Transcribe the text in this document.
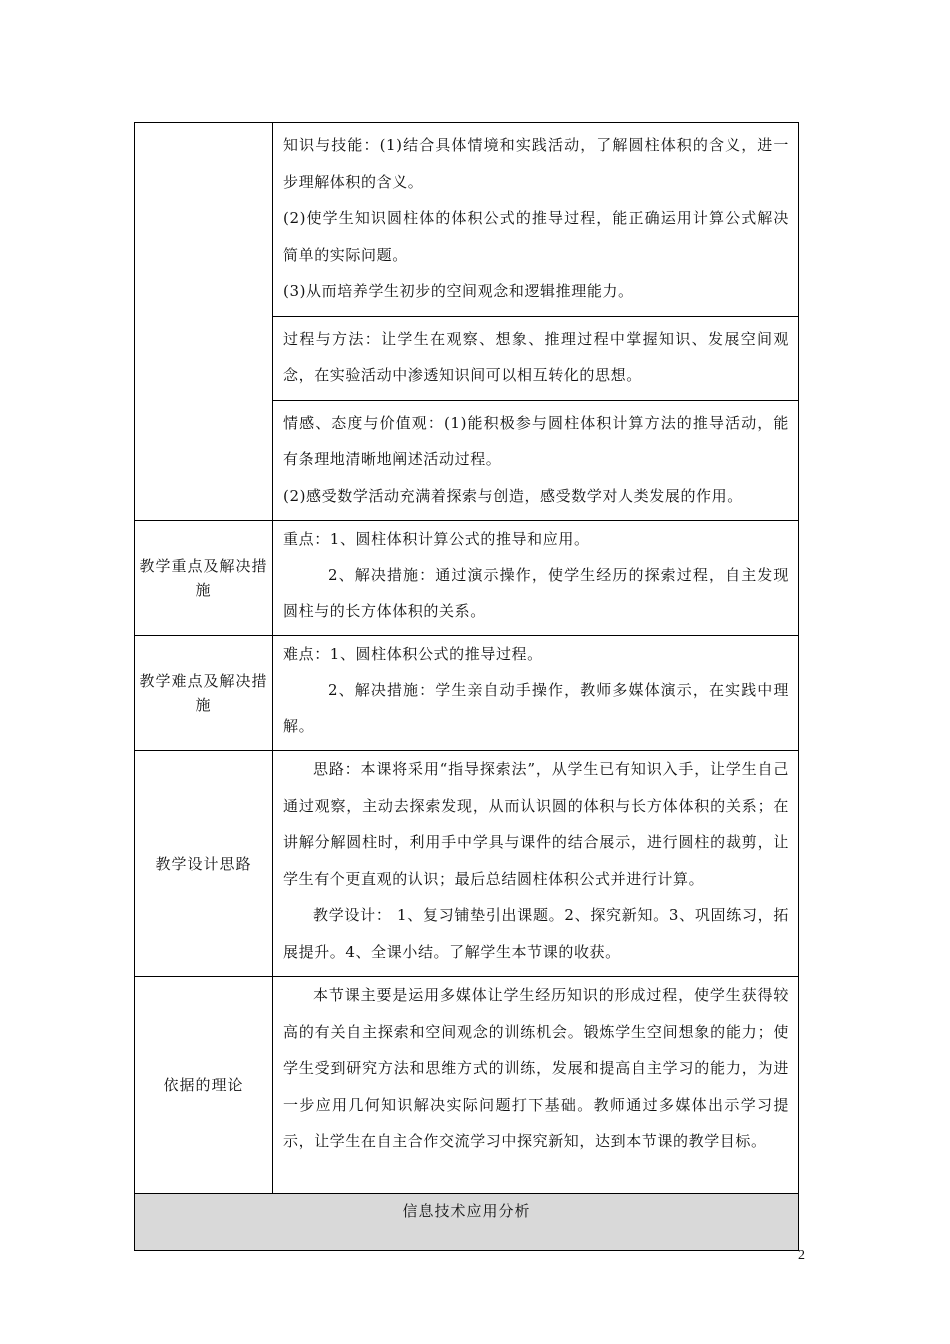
	知识与技能：(1)结合具体情境和实践活动，了解圆柱体积的含义，进一步理解体积的含义。

(2)使学生知识圆柱体的体积公式的推导过程，能正确运用计算公式解决简单的实际问题。

(3)从而培养学生初步的空间观念和逻辑推理能力。

	过程与方法：让学生在观察、想象、推理过程中掌握知识、发展空间观念，在实验活动中渗透知识间可以相互转化的思想。

	情感、态度与价值观：(1)能积极参与圆柱体积计算方法的推导活动，能有条理地清晰地阐述活动过程。

(2)感受数学活动充满着探索与创造，感受数学对人类发展的作用。

教学重点及解决措施	重点：1、圆柱体积计算公式的推导和应用。

2、解决措施：通过演示操作，使学生经历的探索过程，自主发现圆柱与的长方体体积的关系。

教学难点及解决措施	难点：1、圆柱体积公式的推导过程。

2、解决措施：学生亲自动手操作，教师多媒体演示，在实践中理解。

教学设计思路	思路：本课将采用“指导探索法”，从学生已有知识入手，让学生自己通过观察，主动去探索发现，从而认识圆的体积与长方体体积的关系；在讲解分解圆柱时，利用手中学具与课件的结合展示，进行圆柱的裁剪，让学生有个更直观的认识；最后总结圆柱体积公式并进行计算。

教学设计： 1、复习铺垫引出课题。2、探究新知。3、巩固练习，拓展提升。4、全课小结。了解学生本节课的收获。

依据的理论	本节课主要是运用多媒体让学生经历知识的形成过程，使学生获得较高的有关自主探索和空间观念的训练机会。锻炼学生空间想象的能力；使学生受到研究方法和思维方式的训练，发展和提高自主学习的能力，为进一步应用几何知识解决实际问题打下基础。教师通过多媒体出示学习提示，让学生在自主合作交流学习中探究新知，达到本节课的教学目标。

信息技术应用分析	
2
